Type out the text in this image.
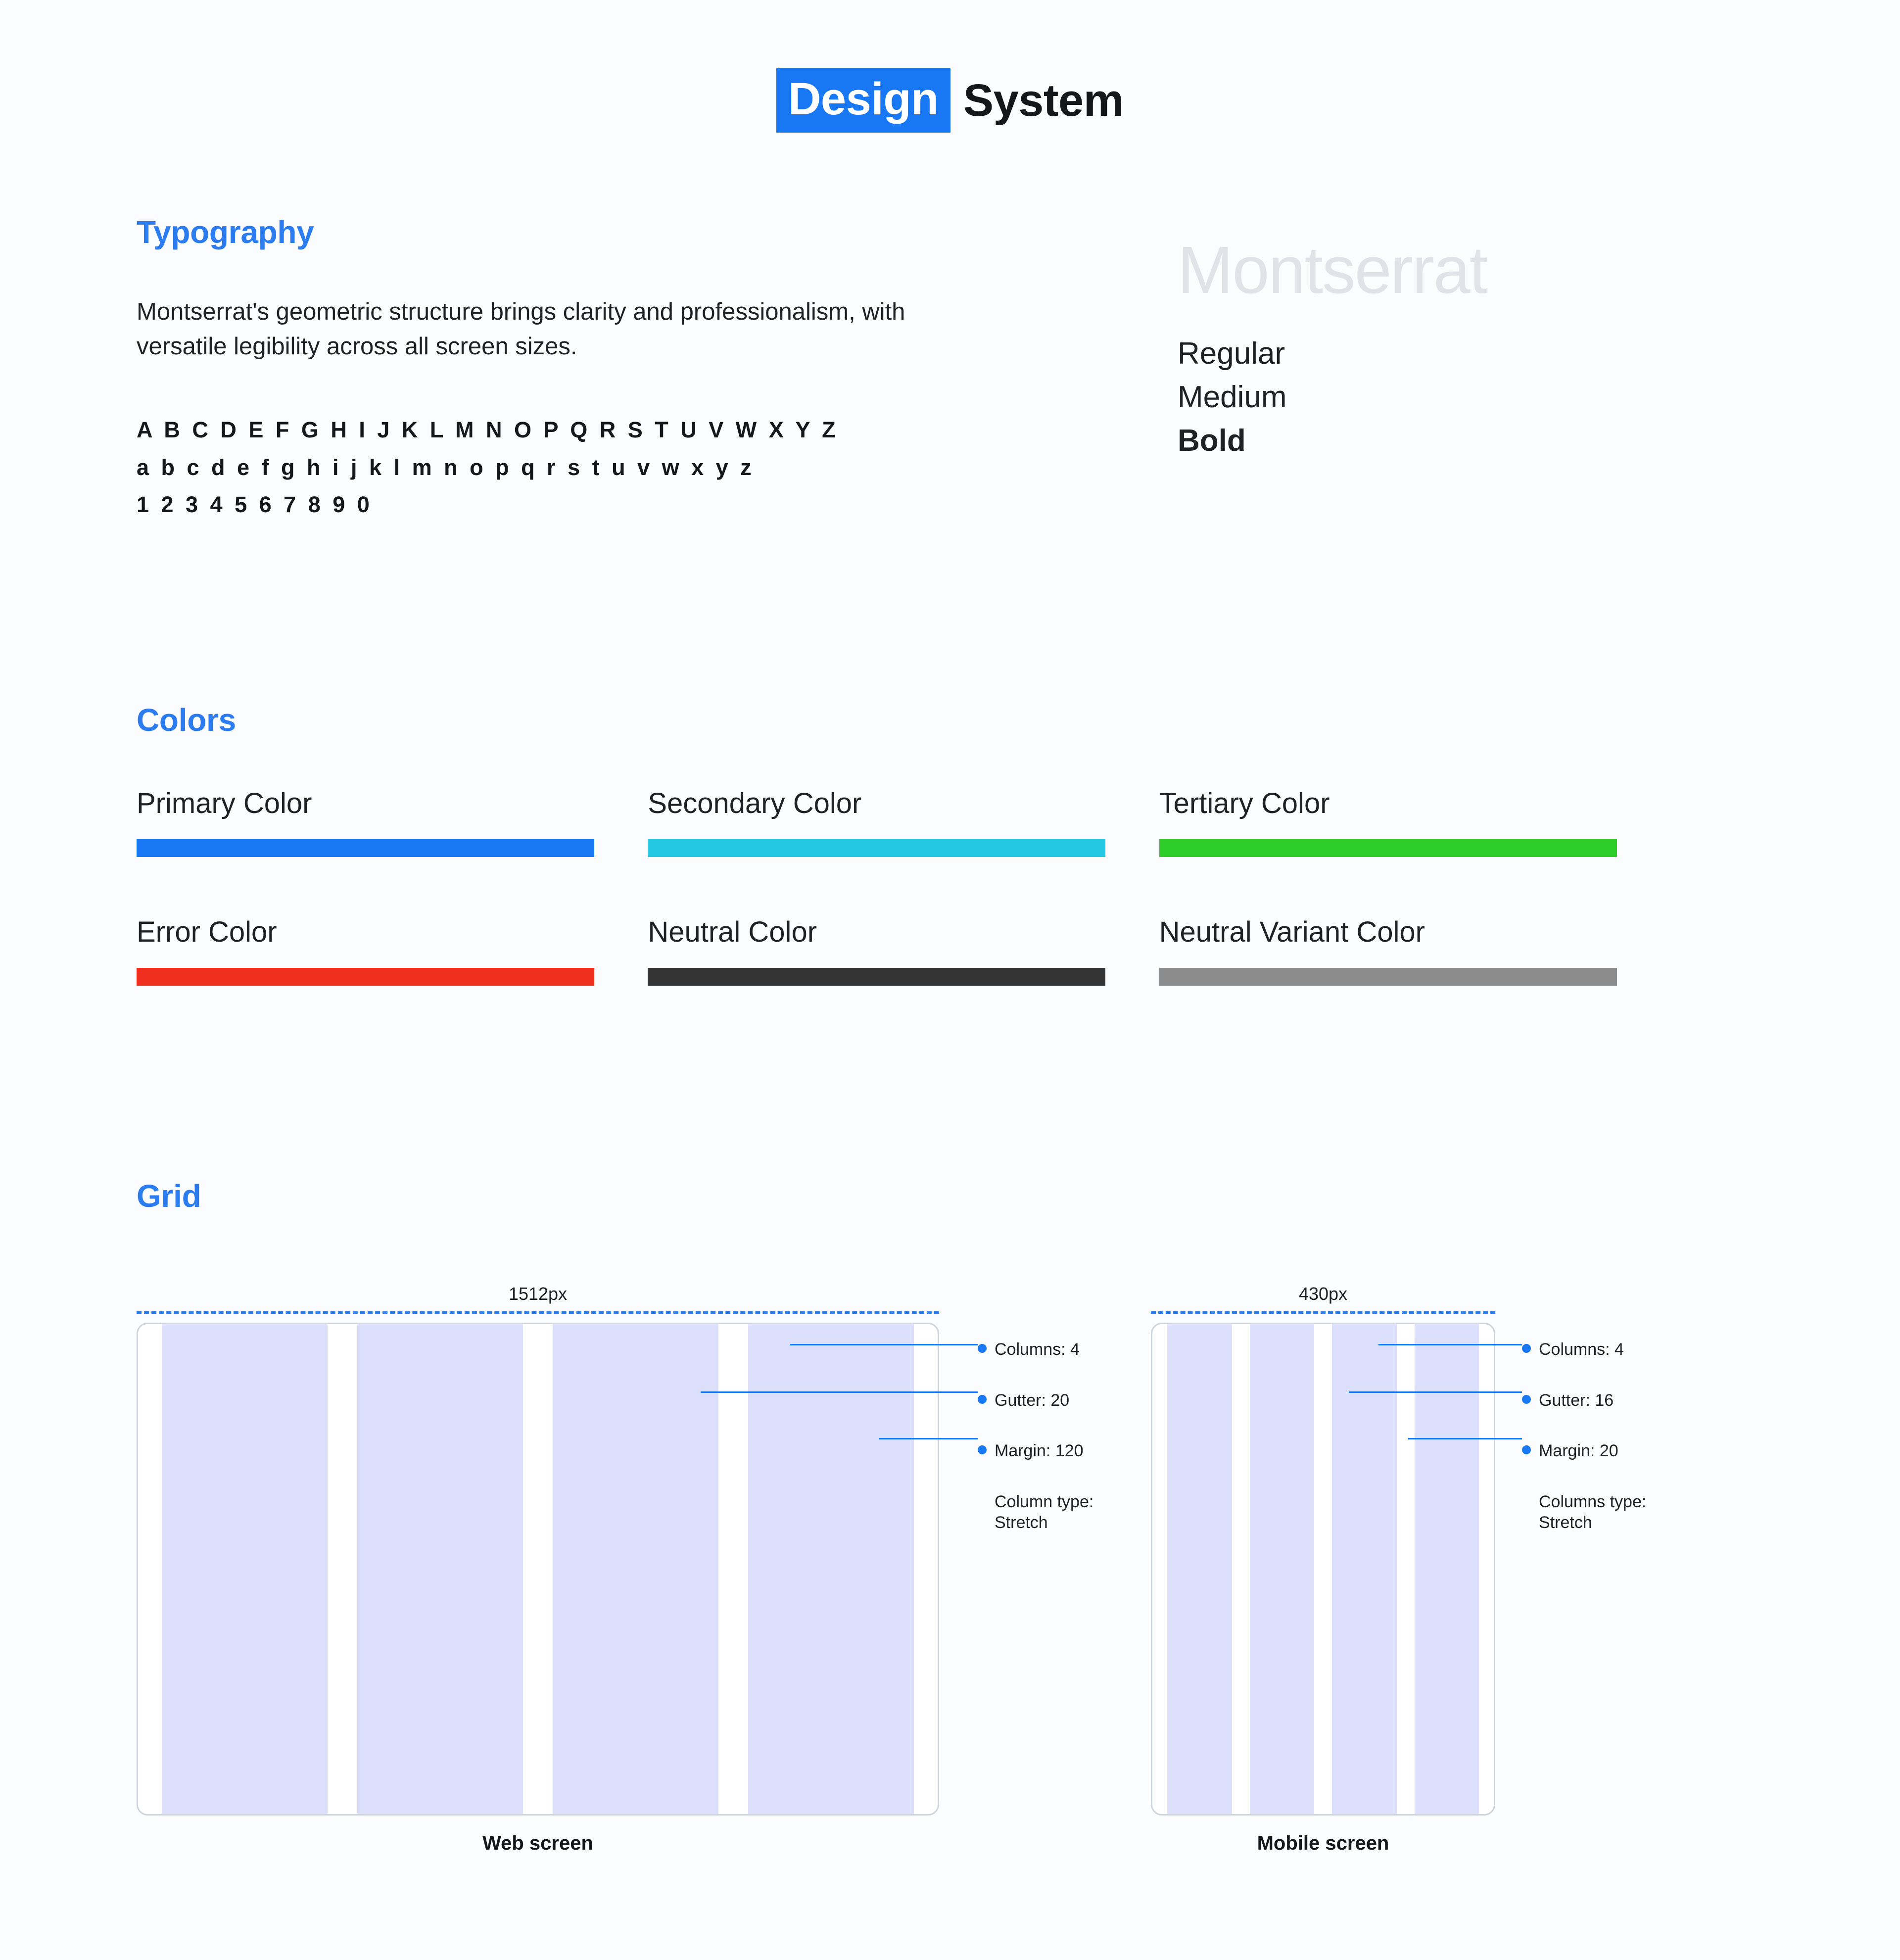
Design System
Typography
Montserrat's geometric structure brings clarity and professionalism, with versatile legibility across all screen sizes.
A B C D E F G H I J K L M N O P Q R S T U V W X Y Z
a b c d e f g h i j k l m n o p q r s t u v w x y z
1 2 3 4 5 6 7 8 9 0
Montserrat
Regular
Medium
Bold
Colors
Primary Color	Secondary Color	Tertiary Color
Error Color	Neutral Color	Neutral Variant Color
Grid
1512px
Web screen
430px
Mobile screen
Columns: 4
Gutter: 20
Margin: 120
Column type:
Stretch
Columns: 4
Gutter: 16
Margin: 20
Columns type:
Stretch
